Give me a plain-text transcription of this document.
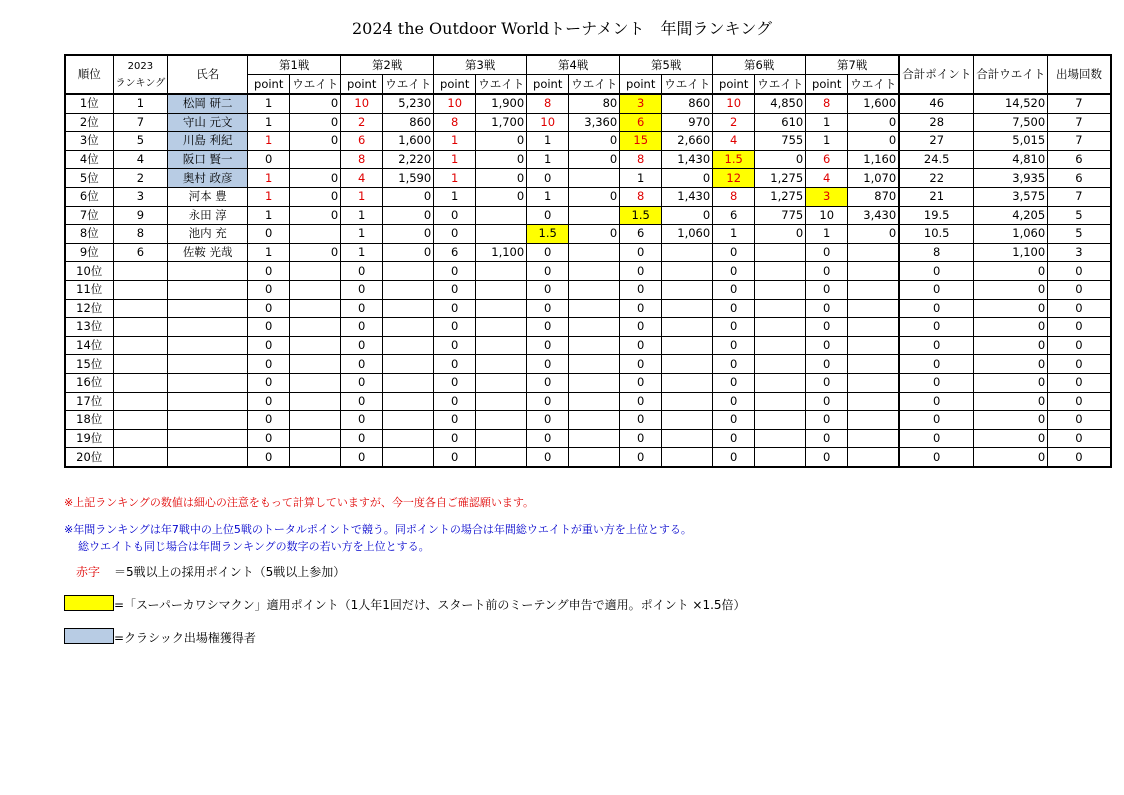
2024 the Outdoor Worldトーナメント　年間ランキング
順位	2023
ランキング	氏名	第1戦		第2戦		第3戦		第4戦		第5戦		第6戦		第7戦		合計ポイント	合計ウエイト	出場回数
			point	ウエイト	point	ウエイト	point	ウエイト	point	ウエイト	point	ウエイト	point	ウエイト	point	ウエイト			
1位	1	松岡 研二	1	0	10	5,230	10	1,900	8	80	3	860	10	4,850	8	1,600	46	14,520	7
2位	7	守山 元文	1	0	2	860	8	1,700	10	3,360	6	970	2	610	1	0	28	7,500	7
3位	5	川島 利紀	1	0	6	1,600	1	0	1	0	15	2,660	4	755	1	0	27	5,015	7
4位	4	阪口 賢一	0		8	2,220	1	0	1	0	8	1,430	1.5	0	6	1,160	24.5	4,810	6
5位	2	奥村 政彦	1	0	4	1,590	1	0	0		1	0	12	1,275	4	1,070	22	3,935	6
6位	3	河本 豊	1	0	1	0	1	0	1	0	8	1,430	8	1,275	3	870	21	3,575	7
7位	9	永田 淳	1	0	1	0	0		0		1.5	0	6	775	10	3,430	19.5	4,205	5
8位	8	池内 充	0		1	0	0		1.5	0	6	1,060	1	0	1	0	10.5	1,060	5
9位	6	佐鞍 光哉	1	0	1	0	6	1,100	0		0		0		0		8	1,100	3
10位			0		0		0		0		0		0		0		0	0	0
11位			0		0		0		0		0		0		0		0	0	0
12位			0		0		0		0		0		0		0		0	0	0
13位			0		0		0		0		0		0		0		0	0	0
14位			0		0		0		0		0		0		0		0	0	0
15位			0		0		0		0		0		0		0		0	0	0
16位			0		0		0		0		0		0		0		0	0	0
17位			0		0		0		0		0		0		0		0	0	0
18位			0		0		0		0		0		0		0		0	0	0
19位			0		0		0		0		0		0		0		0	0	0
20位			0		0		0		0		0		0		0		0	0	0
※上記ランキングの数値は細心の注意をもって計算していますが、今一度各自ご確認願います。
※年間ランキングは年7戦中の上位5戦のトータルポイントで競う。同ポイントの場合は年間総ウエイトが重い方を上位とする。
総ウエイトも同じ場合は年間ランキングの数字の若い方を上位とする。
赤字 ＝5戦以上の採用ポイント（5戦以上参加）
=「スーパーカワシマクン」適用ポイント（1人年1回だけ、スタート前のミーテング申告で適用。ポイント ×1.5倍）
=クラシック出場権獲得者
